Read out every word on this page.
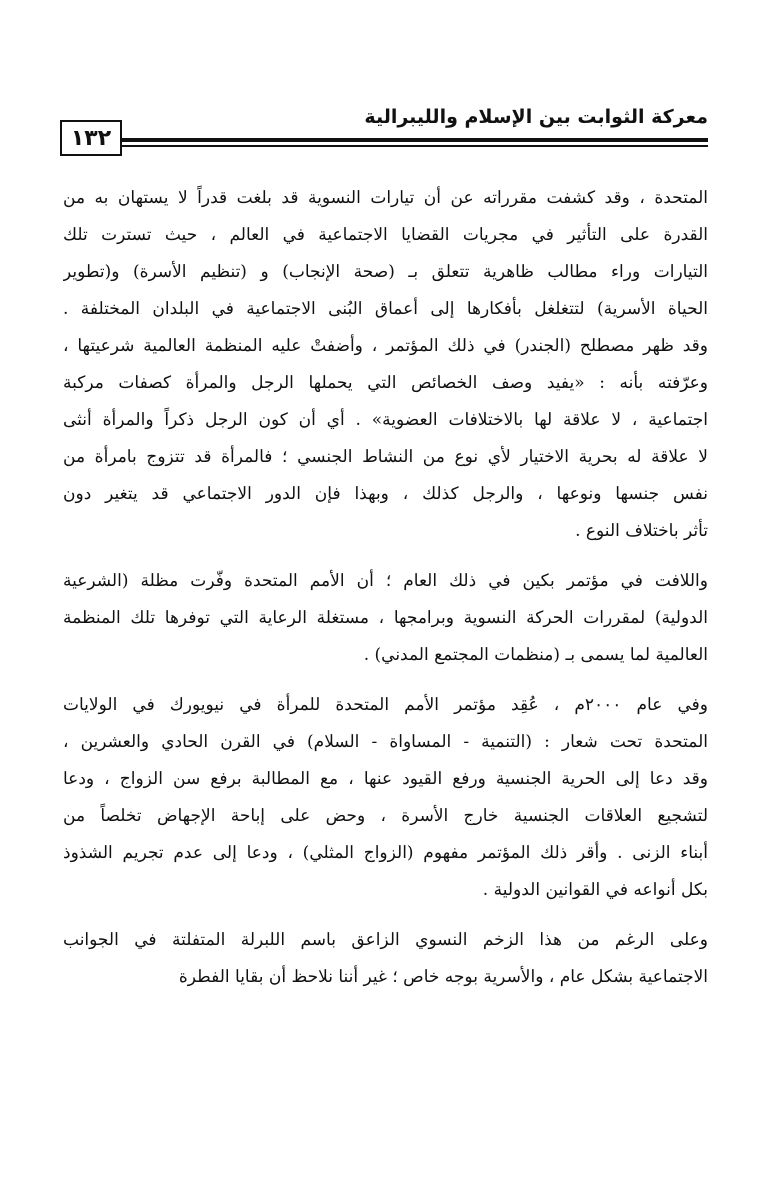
معركة الثوابت بين الإسلام والليبرالية
١٣٢
المتحدة ، وقد كشفت مقرراته عن أن تيارات النسوية قد بلغت قدراً لا يستهان به من
القدرة على التأثير في مجريات القضايا الاجتماعية في العالم ، حيث تسترت تلك
التيارات وراء مطالب ظاهرية تتعلق بـ (صحة الإنجاب) و (تنظيم الأسرة) و(تطوير
الحياة الأسرية) لتتغلغل بأفكارها إلى أعماق البُنى الاجتماعية في البلدان المختلفة .
وقد ظهر مصطلح (الجندر) في ذلك المؤتمر ، وأضفتْ عليه المنظمة العالمية شرعيتها ،
وعرّفته بأنه : «يفيد وصف الخصائص التي يحملها الرجل والمرأة كصفات مركبة
اجتماعية ، لا علاقة لها بالاختلافات العضوية» . أي أن كون الرجل ذكراً والمرأة أنثى
لا علاقة له بحرية الاختيار لأي نوع من النشاط الجنسي ؛ فالمرأة قد تتزوج بامرأة من
نفس جنسها ونوعها ، والرجل كذلك ، وبهذا فإن الدور الاجتماعي قد يتغير دون
تأثر باختلاف النوع .
واللافت في مؤتمر بكين في ذلك العام ؛ أن الأمم المتحدة وفّرت مظلة (الشرعية
الدولية) لمقررات الحركة النسوية وبرامجها ، مستغلة الرعاية التي توفرها تلك المنظمة
العالمية لما يسمى بـ (منظمات المجتمع المدني) .
وفي عام ٢٠٠٠م ، عُقِد مؤتمر الأمم المتحدة للمرأة في نيويورك في الولايات
المتحدة تحت شعار : (التنمية - المساواة - السلام) في القرن الحادي والعشرين ،
وقد دعا إلى الحرية الجنسية ورفع القيود عنها ، مع المطالبة برفع سن الزواج ، ودعا
لتشجيع العلاقات الجنسية خارج الأسرة ، وحض على إباحة الإجهاض تخلصاً من
أبناء الزنى . وأقر ذلك المؤتمر مفهوم (الزواج المثلي) ، ودعا إلى عدم تجريم الشذوذ
بكل أنواعه في القوانين الدولية .
وعلى الرغم من هذا الزخم النسوي الزاعق باسم اللبرلة المتفلتة في الجوانب
الاجتماعية بشكل عام ، والأسرية بوجه خاص ؛ غير أننا نلاحظ أن بقايا الفطرة
